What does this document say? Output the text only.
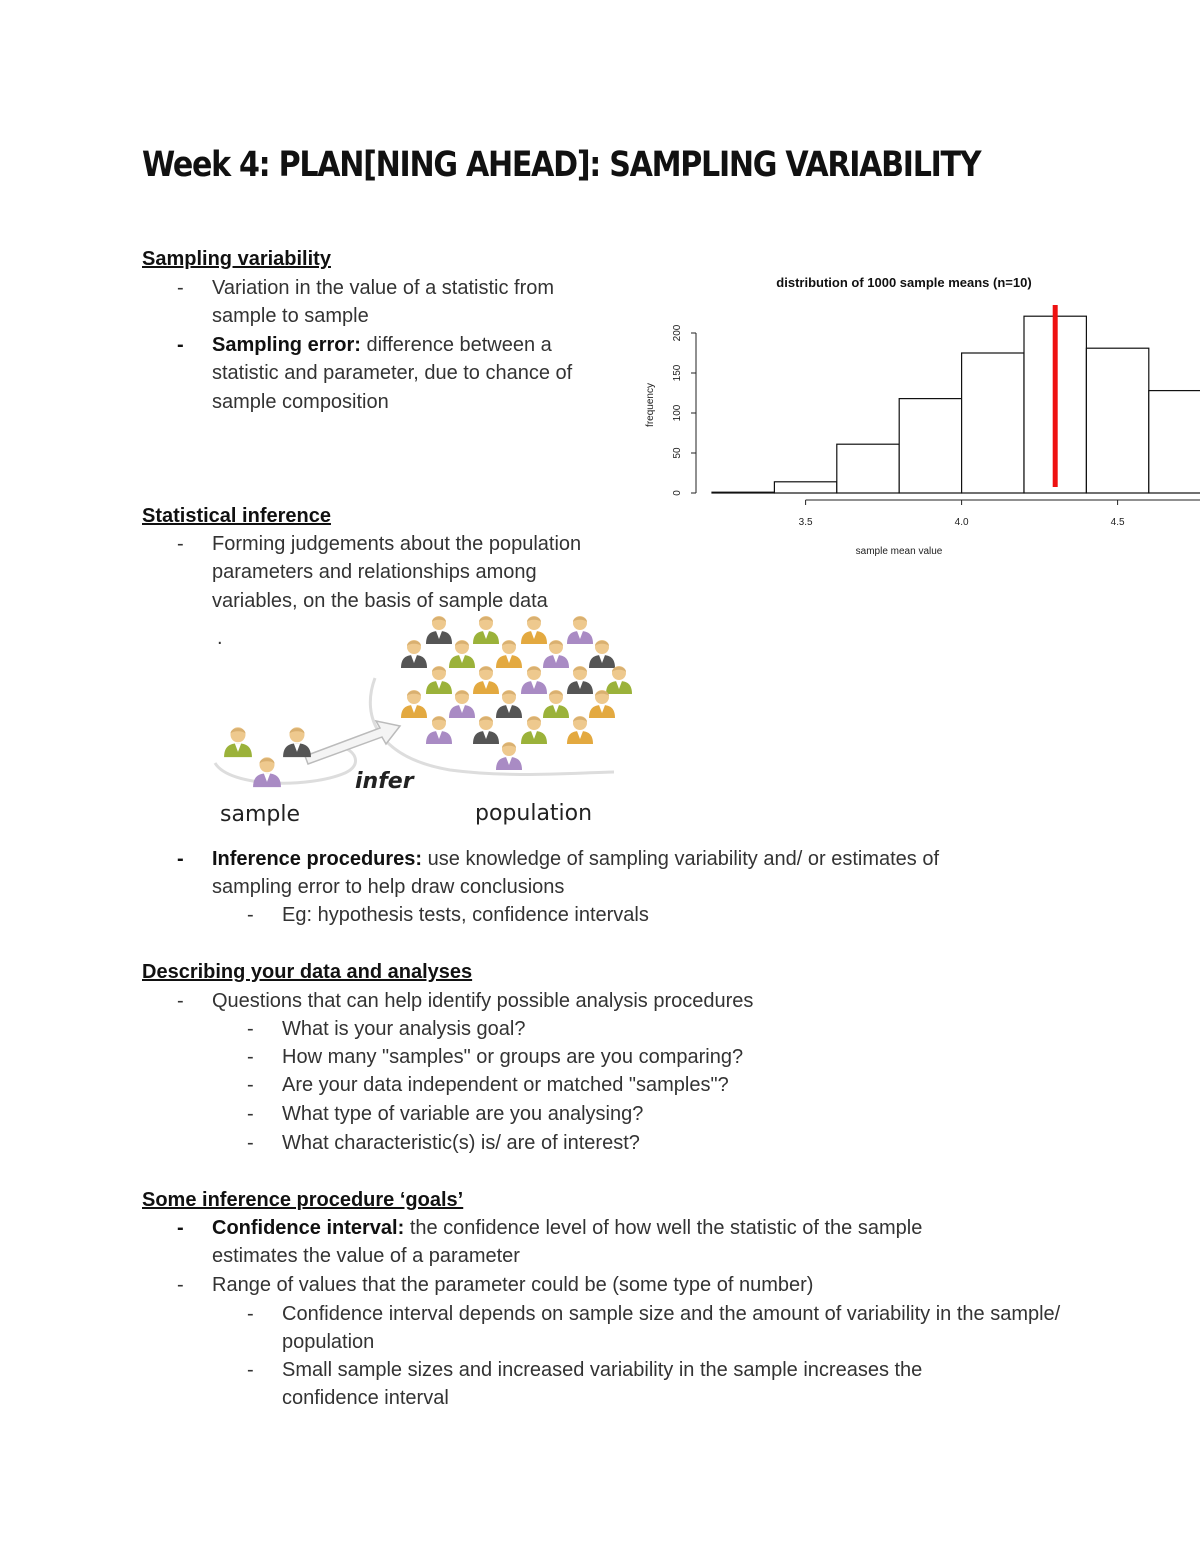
Week 4: PLAN[NING AHEAD]: SAMPLING VARIABILITY
Sampling variability
- Variation in the value of a statistic from sample to sample
- Sampling error: difference between a statistic and parameter, due to chance of sample composition
distribution of 1000 sample means (n=10)
frequency
sample mean value
3.5	4.0	4.5
0
50
100
150
200
Statistical inference
- Forming judgements about the population parameters and relationships among variables, on the basis of sample data
.
infer
sample	population
- Inference procedures: use knowledge of sampling variability and/ or estimates of sampling error to help draw conclusions
- Eg: hypothesis tests, confidence intervals
Describing your data and analyses
- Questions that can help identify possible analysis procedures
- What is your analysis goal?
- How many "samples" or groups are you comparing?
- Are your data independent or matched "samples"?
- What type of variable are you analysing?
- What characteristic(s) is/ are of interest?
Some inference procedure ‘goals’
- Confidence interval: the confidence level of how well the statistic of the sample estimates the value of a parameter
- Range of values that the parameter could be (some type of number)
- Confidence interval depends on sample size and the amount of variability in the sample/ population
- Small sample sizes and increased variability in the sample increases the confidence interval
